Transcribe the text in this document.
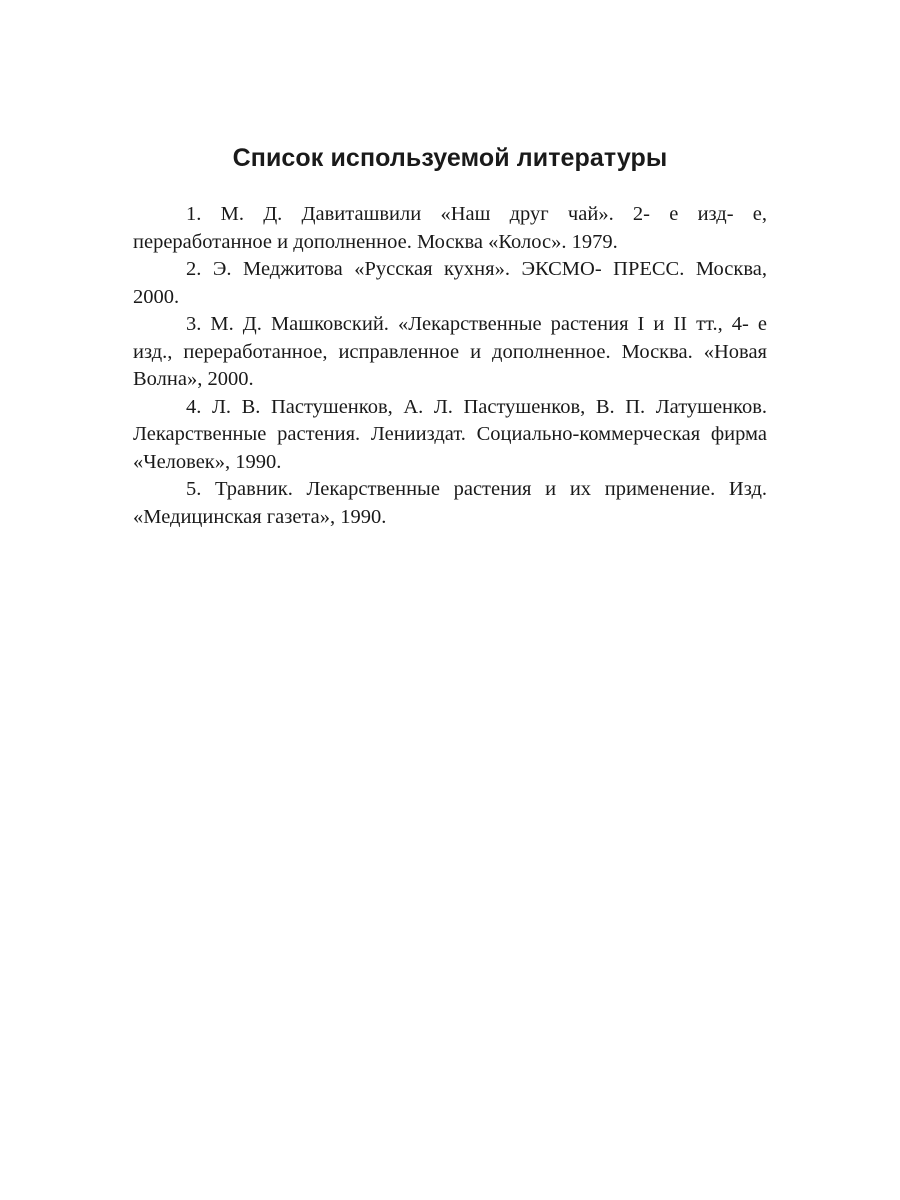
Список используемой литературы
1. М. Д. Давиташвили «Наш друг чай». 2- е изд- е, переработанное и дополненное. Москва «Колос». 1979.
2. Э. Меджитова «Русская кухня». ЭКСМО- ПРЕСС. Москва, 2000.
3. М. Д. Машковский. «Лекарственные растения I и II тт., 4- е изд., переработанное, исправленное и дополненное. Москва. «Новая Волна», 2000.
4. Л. В. Пастушенков, А. Л. Пастушенков, В. П. Латушенков. Лекарственные растения. Ленииздат. Социально-коммерческая фирма «Человек», 1990.
5. Травник. Лекарственные растения и их применение. Изд. «Медицинская газета», 1990.
